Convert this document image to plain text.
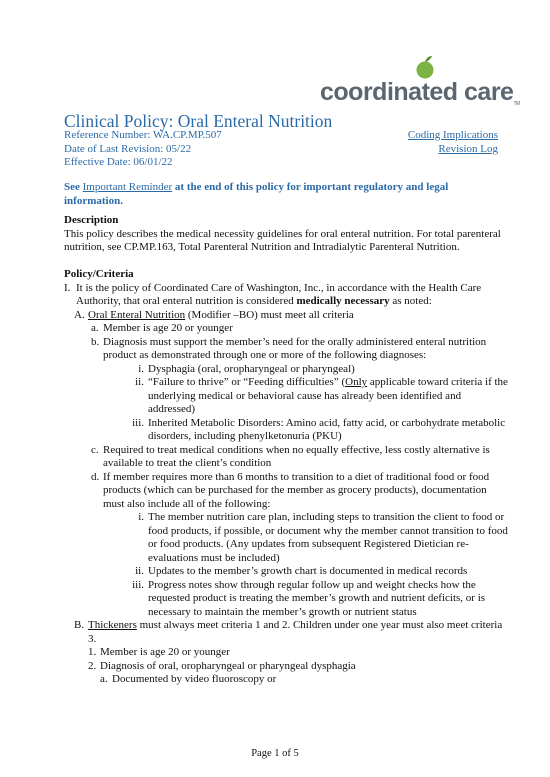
coordinated careTM
Clinical Policy: Oral Enteral Nutrition
Reference Number: WA.CP.MP.507
Date of Last Revision: 05/22
Effective Date: 06/01/22
Coding Implications
Revision Log
See Important Reminder at the end of this policy for important regulatory and legal information.

Description

This policy describes the medical necessity guidelines for oral enteral nutrition. For total parenteral nutrition, see CP.MP.163, Total Parenteral Nutrition and Intradialytic Parenteral Nutrition.

Policy/Criteria

I. It is the policy of Coordinated Care of Washington, Inc., in accordance with the Health Care Authority, that oral enteral nutrition is considered medically necessary as noted:
A. Oral Enteral Nutrition (Modifier –BO) must meet all criteria
a. Member is age 20 or younger
b. Diagnosis must support the member’s need for the orally administered enteral nutrition product as demonstrated through one or more of the following diagnoses:
i. Dysphagia (oral, oropharyngeal or pharyngeal)
ii. “Failure to thrive” or “Feeding difficulties” (Only applicable toward criteria if the underlying medical or behavioral cause has already been identified and addressed)
iii. Inherited Metabolic Disorders: Amino acid, fatty acid, or carbohydrate metabolic disorders, including phenylketonuria (PKU)
c. Required to treat medical conditions when no equally effective, less costly alternative is available to treat the client’s condition
d. If member requires more than 6 months to transition to a diet of traditional food or food products (which can be purchased for the member as grocery products), documentation must also include all of the following:
i. The member nutrition care plan, including steps to transition the client to food or food products, if possible, or document why the member cannot transition to food or food products. (Any updates from subsequent Registered Dietician re-evaluations must be included)
ii. Updates to the member’s growth chart is documented in medical records
iii. Progress notes show through regular follow up and weight checks how the requested product is treating the member’s growth and nutrient deficits, or is necessary to maintain the member’s growth or nutrient status
B. Thickeners must always meet criteria 1 and 2. Children under one year must also meet criteria 3.
1. Member is age 20 or younger
2. Diagnosis of oral, oropharyngeal or pharyngeal dysphagia
a. Documented by video fluoroscopy or
Page 1 of 5
